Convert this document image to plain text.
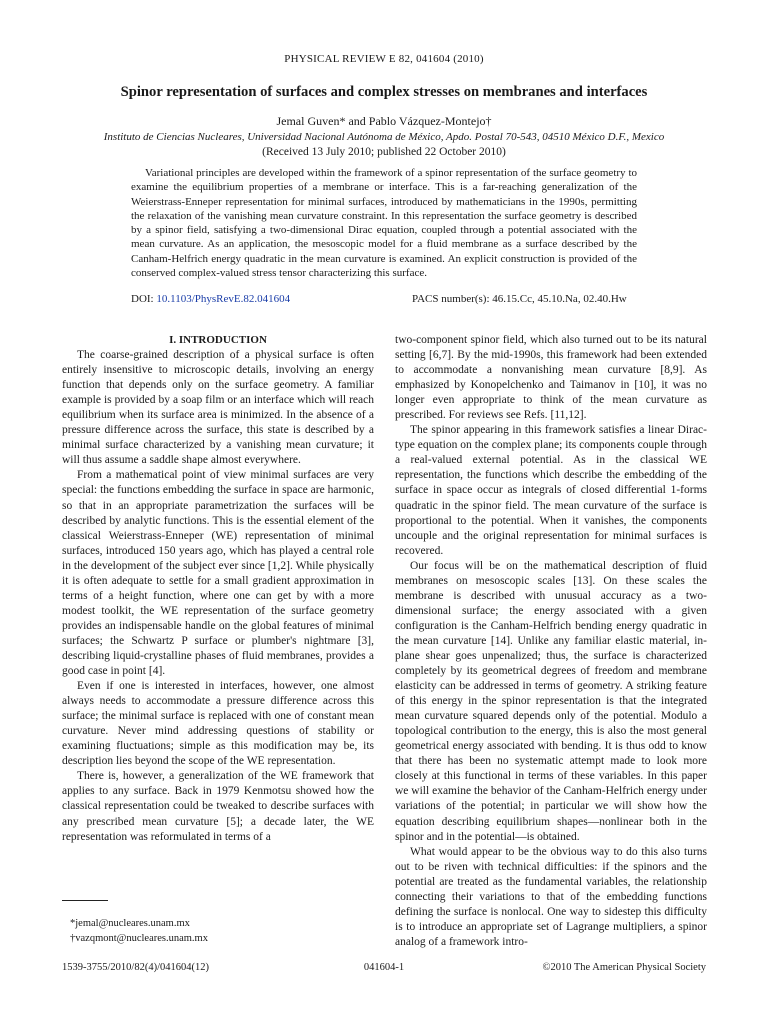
PHYSICAL REVIEW E 82, 041604 (2010)
Spinor representation of surfaces and complex stresses on membranes and interfaces
Jemal Guven* and Pablo Vázquez-Montejo†
Instituto de Ciencias Nucleares, Universidad Nacional Autónoma de México, Apdo. Postal 70-543, 04510 México D.F., Mexico
(Received 13 July 2010; published 22 October 2010)
Variational principles are developed within the framework of a spinor representation of the surface geometry to examine the equilibrium properties of a membrane or interface. This is a far-reaching generalization of the Weierstrass-Enneper representation for minimal surfaces, introduced by mathematicians in the 1990s, permitting the relaxation of the vanishing mean curvature constraint. In this representation the surface geometry is described by a spinor field, satisfying a two-dimensional Dirac equation, coupled through a potential associated with the mean curvature. As an application, the mesoscopic model for a fluid membrane as a surface described by the Canham-Helfrich energy quadratic in the mean curvature is examined. An explicit construction is provided of the conserved complex-valued stress tensor characterizing this surface.
DOI: 10.1103/PhysRevE.82.041604	PACS number(s): 46.15.Cc, 45.10.Na, 02.40.Hw

I. INTRODUCTION

The coarse-grained description of a physical surface is often entirely insensitive to microscopic details, involving an energy function that depends only on the surface geometry. A familiar example is provided by a soap film or an interface which will reach equilibrium when its surface area is minimized. In the absence of a pressure difference across the surface, this state is described by a minimal surface characterized by a vanishing mean curvature; it will thus assume a saddle shape almost everywhere.

From a mathematical point of view minimal surfaces are very special: the functions embedding the surface in space are harmonic, so that in an appropriate parametrization the surfaces will be described by analytic functions. This is the essential element of the classical Weierstrass-Enneper (WE) representation of minimal surfaces, introduced 150 years ago, which has played a central role in the development of the subject ever since [1,2]. While physically it is often adequate to settle for a small gradient approximation in terms of a height function, where one can get by with a more modest toolkit, the WE representation of the surface geometry provides an indispensable handle on the global features of minimal surfaces; the Schwartz P surface or plumber's nightmare [3], describing liquid-crystalline phases of fluid membranes, provides a good case in point [4].

Even if one is interested in interfaces, however, one almost always needs to accommodate a pressure difference across this surface; the minimal surface is replaced with one of constant mean curvature. Never mind addressing questions of stability or examining fluctuations; simple as this modification may be, its description lies beyond the scope of the WE representation.

There is, however, a generalization of the WE framework that applies to any surface. Back in 1979 Kenmotsu showed how the classical representation could be tweaked to describe surfaces with any prescribed mean curvature [5]; a decade later, the WE representation was reformulated in terms of a

two-component spinor field, which also turned out to be its natural setting [6,7]. By the mid-1990s, this framework had been extended to accommodate a nonvanishing mean curvature [8,9]. As emphasized by Konopelchenko and Taimanov in [10], it was no longer even appropriate to think of the mean curvature as prescribed. For reviews see Refs. [11,12].

The spinor appearing in this framework satisfies a linear Dirac-type equation on the complex plane; its components couple through a real-valued external potential. As in the classical WE representation, the functions which describe the embedding of the surface in space occur as integrals of closed differential 1-forms quadratic in the spinor field. The mean curvature of the surface is proportional to the potential. When it vanishes, the components uncouple and the original representation for minimal surfaces is recovered.

Our focus will be on the mathematical description of fluid membranes on mesoscopic scales [13]. On these scales the membrane is described with unusual accuracy as a two-dimensional surface; the energy associated with a given configuration is the Canham-Helfrich bending energy quadratic in the mean curvature [14]. Unlike any familiar elastic material, in-plane shear goes unpenalized; thus, the surface is characterized completely by its geometrical degrees of freedom and membrane elasticity can be addressed in terms of geometry. A striking feature of this energy in the spinor representation is that the integrated mean curvature squared depends only of the potential. Modulo a topological contribution to the energy, this is also the most general geometrical energy associated with bending. It is thus odd to know that there has been no systematic attempt made to look more closely at this functional in terms of these variables. In this paper we will examine the behavior of the Canham-Helfrich energy under variations of the potential; in particular we will show how the equation describing equilibrium shapes—nonlinear both in the spinor and in the potential—is obtained.

What would appear to be the obvious way to do this also turns out to be riven with technical difficulties: if the spinors and the potential are treated as the fundamental variables, the relationship connecting their variations to that of the embedding functions defining the surface is nonlocal. One way to sidestep this difficulty is to introduce an appropriate set of Lagrange multipliers, a spinor analog of a framework intro-

*jemal@nucleares.unam.mx
†vazqmont@nucleares.unam.mx
1539-3755/2010/82(4)/041604(12)	041604-1	©2010 The American Physical Society
